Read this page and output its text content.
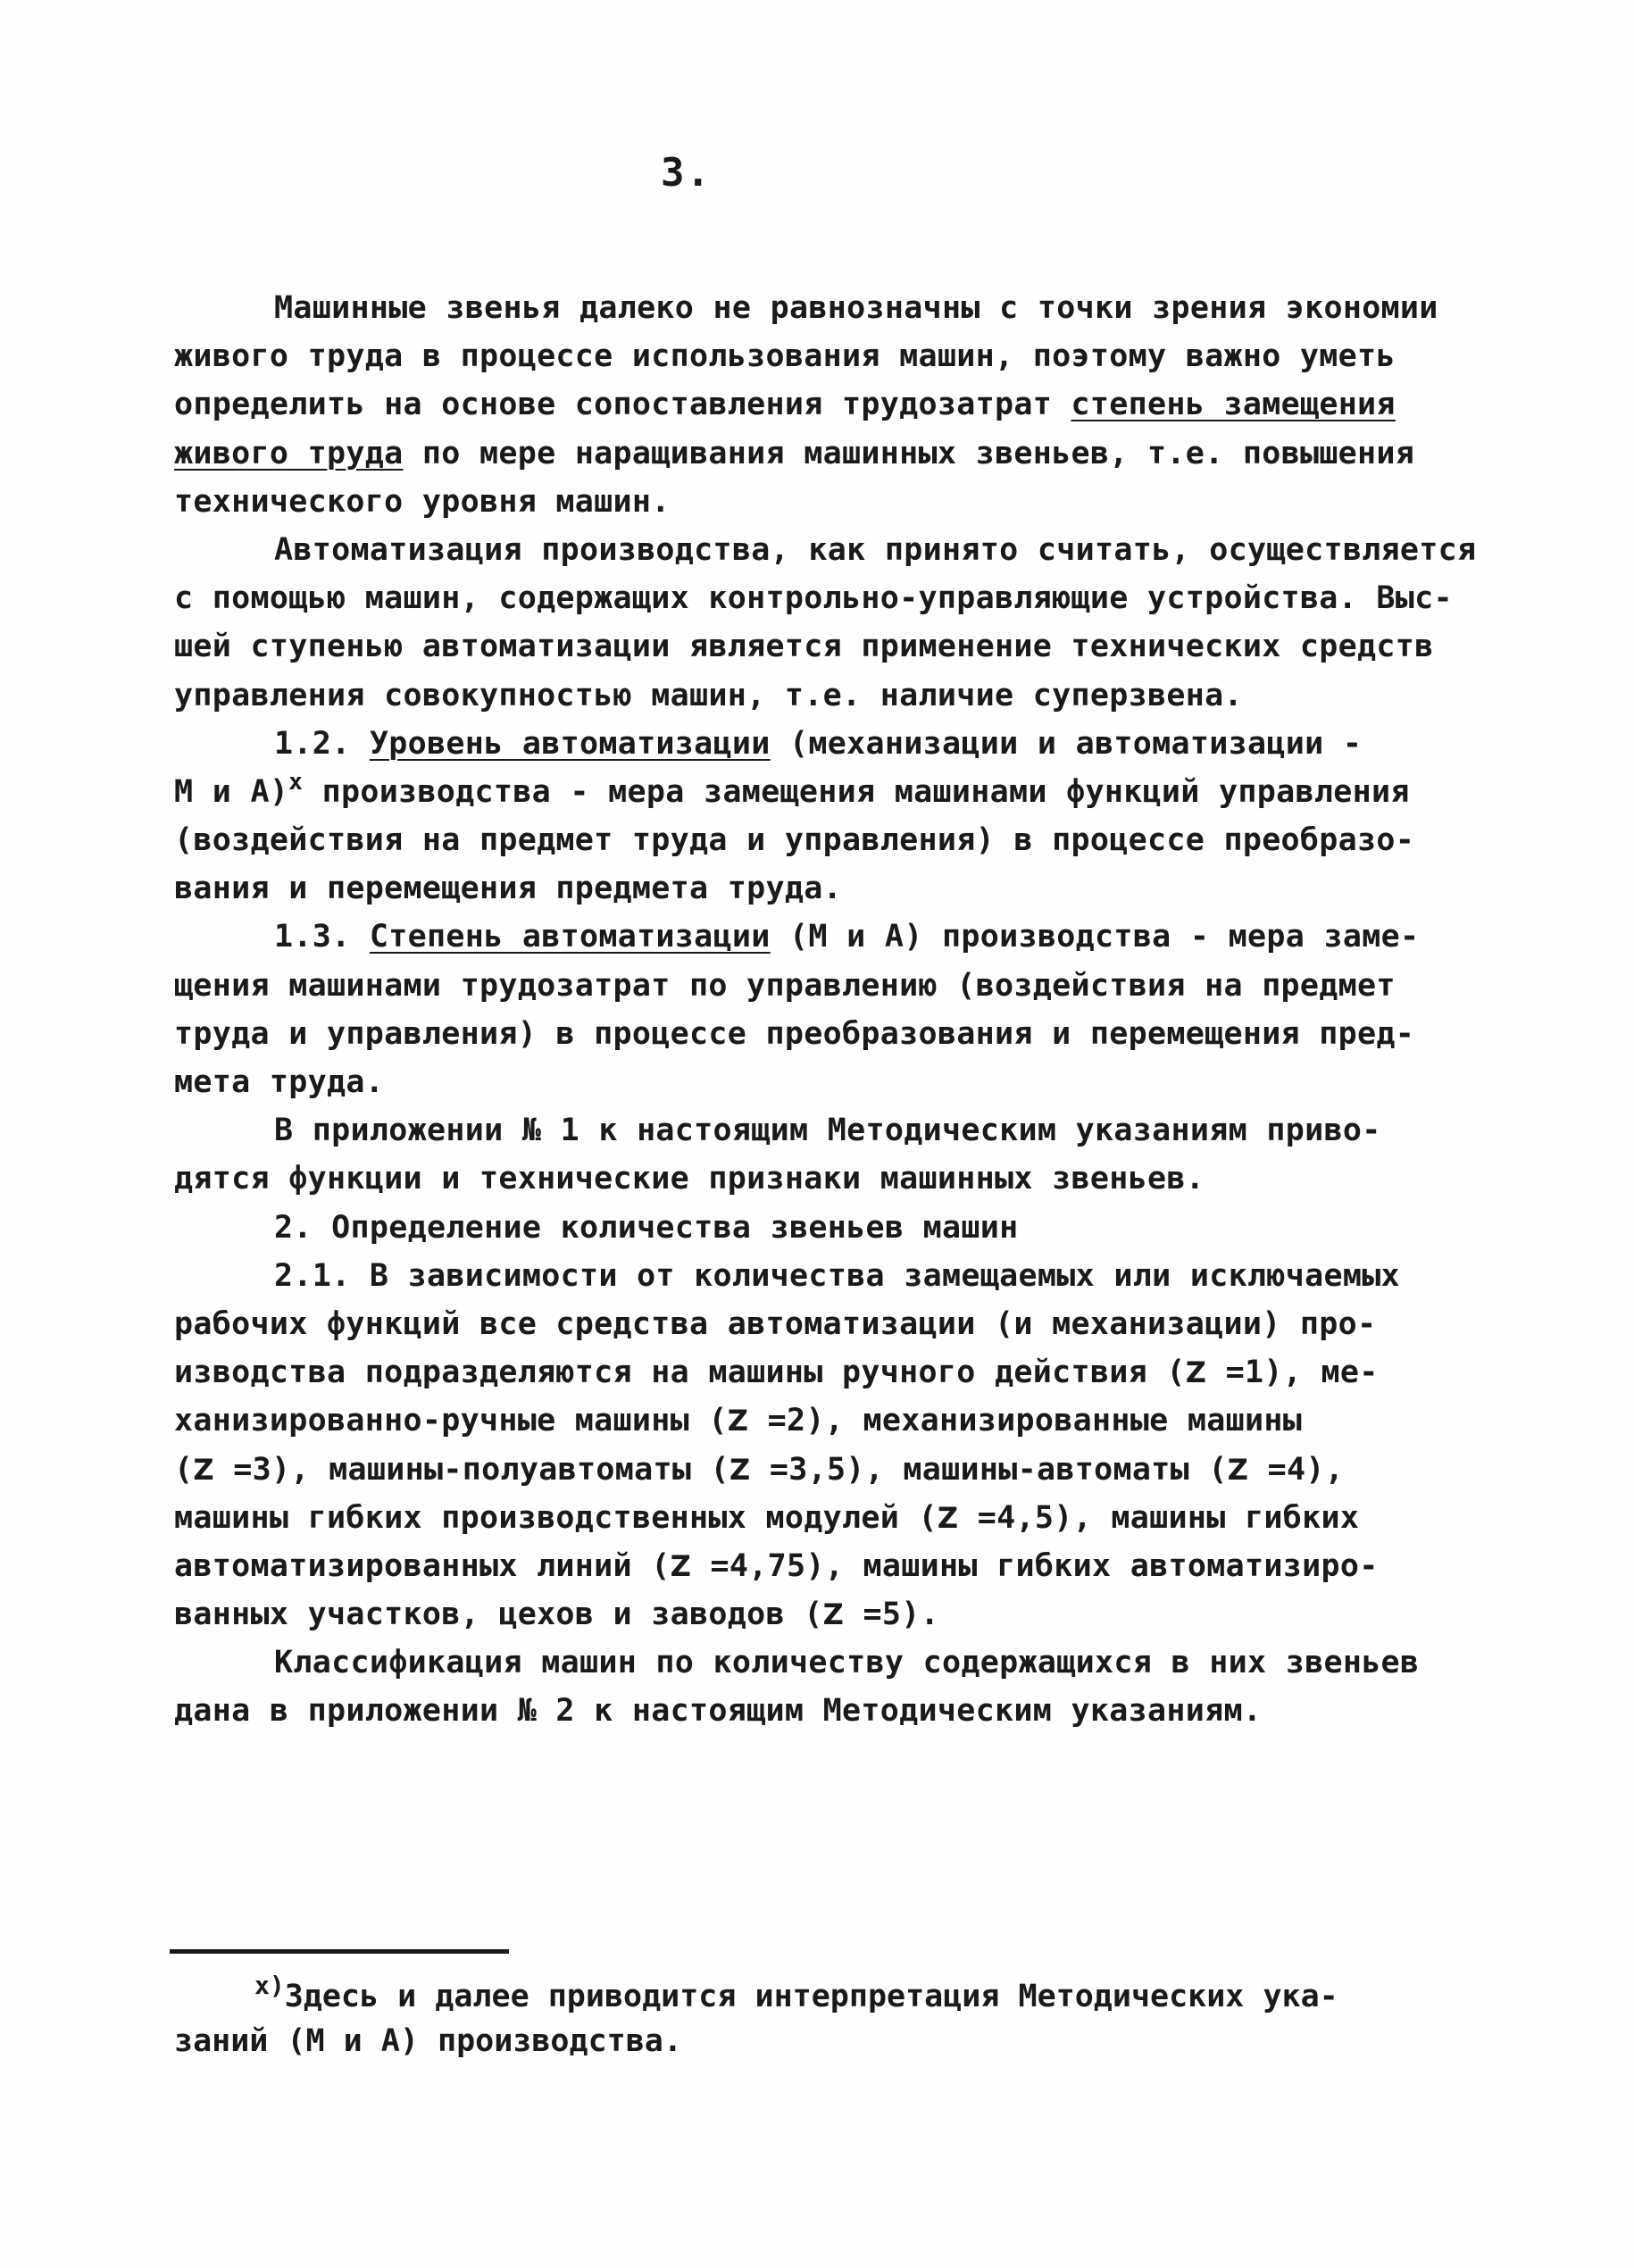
3.
Машинные звенья далеко не равнозначны с точки зрения экономии
живого труда в процессе использования машин, поэтому важно уметь
определить на основе сопоставления трудозатрат степень замещения
живого труда по мере наращивания машинных звеньев, т.е. повышения
технического уровня машин.
Автоматизация производства, как принято считать, осуществляется
с помощью машин, содержащих контрольно-управляющие устройства. Выс-
шей ступенью автоматизации является применение технических средств
управления совокупностью машин, т.е. наличие суперзвена.
1.2. Уровень автоматизации (механизации и автоматизации -
М и А)$^x$ производства - мера замещения машинами функций управления
(воздействия на предмет труда и управления) в процессе преобразо-
вания и перемещения предмета труда.
1.3. Степень автоматизации (М и А) производства - мера заме-
щения машинами трудозатрат по управлению (воздействия на предмет
труда и управления) в процессе преобразования и перемещения пред-
мета труда.
В приложении № 1 к настоящим Методическим указаниям приво-
дятся функции и технические признаки машинных звеньев.
2. Определение количества звеньев машин
2.1. В зависимости от количества замещаемых или исключаемых
рабочих функций все средства автоматизации (и механизации) про-
изводства подразделяются на машины ручного действия (Z =1), ме-
ханизированно-ручные машины (Z =2), механизированные машины
(Z =3), машины-полуавтоматы (Z =3,5), машины-автоматы (Z =4),
машины гибких производственных модулей (Z =4,5), машины гибких
автоматизированных линий (Z =4,75), машины гибких автоматизиро-
ванных участков, цехов и заводов (Z =5).
Классификация машин по количеству содержащихся в них звеньев
дана в приложении № 2 к настоящим Методическим указаниям.
$^{x)}$Здесь и далее приводится интерпретация Методических ука-
заний (М и А) производства.
